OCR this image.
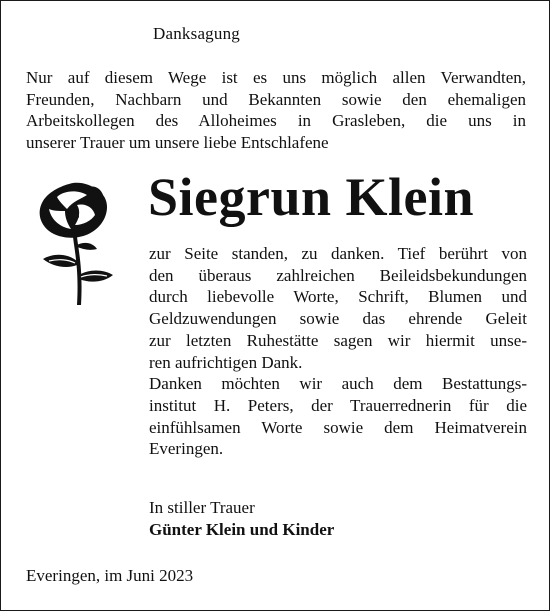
Danksagung
Nur auf diesem Wege ist es uns möglich allen Verwandten,
Freunden, Nachbarn und Bekannten sowie den ehemaligen
Arbeitskollegen des Alloheimes in Grasleben, die uns in
unserer Trauer um unsere liebe Entschlafene
Siegrun Klein
zur Seite standen, zu danken. Tief berührt von
den überaus zahlreichen Beileidsbekundungen
durch liebevolle Worte, Schrift, Blumen und
Geldzuwendungen sowie das ehrende Geleit
zur letzten Ruhestätte sagen wir hiermit unse-
ren aufrichtigen Dank.
Danken möchten wir auch dem Bestattungs-
institut H. Peters, der Trauerrednerin für die
einfühlsamen Worte sowie dem Heimatverein
Everingen.
In stiller Trauer
Günter Klein und Kinder
Everingen, im Juni 2023
